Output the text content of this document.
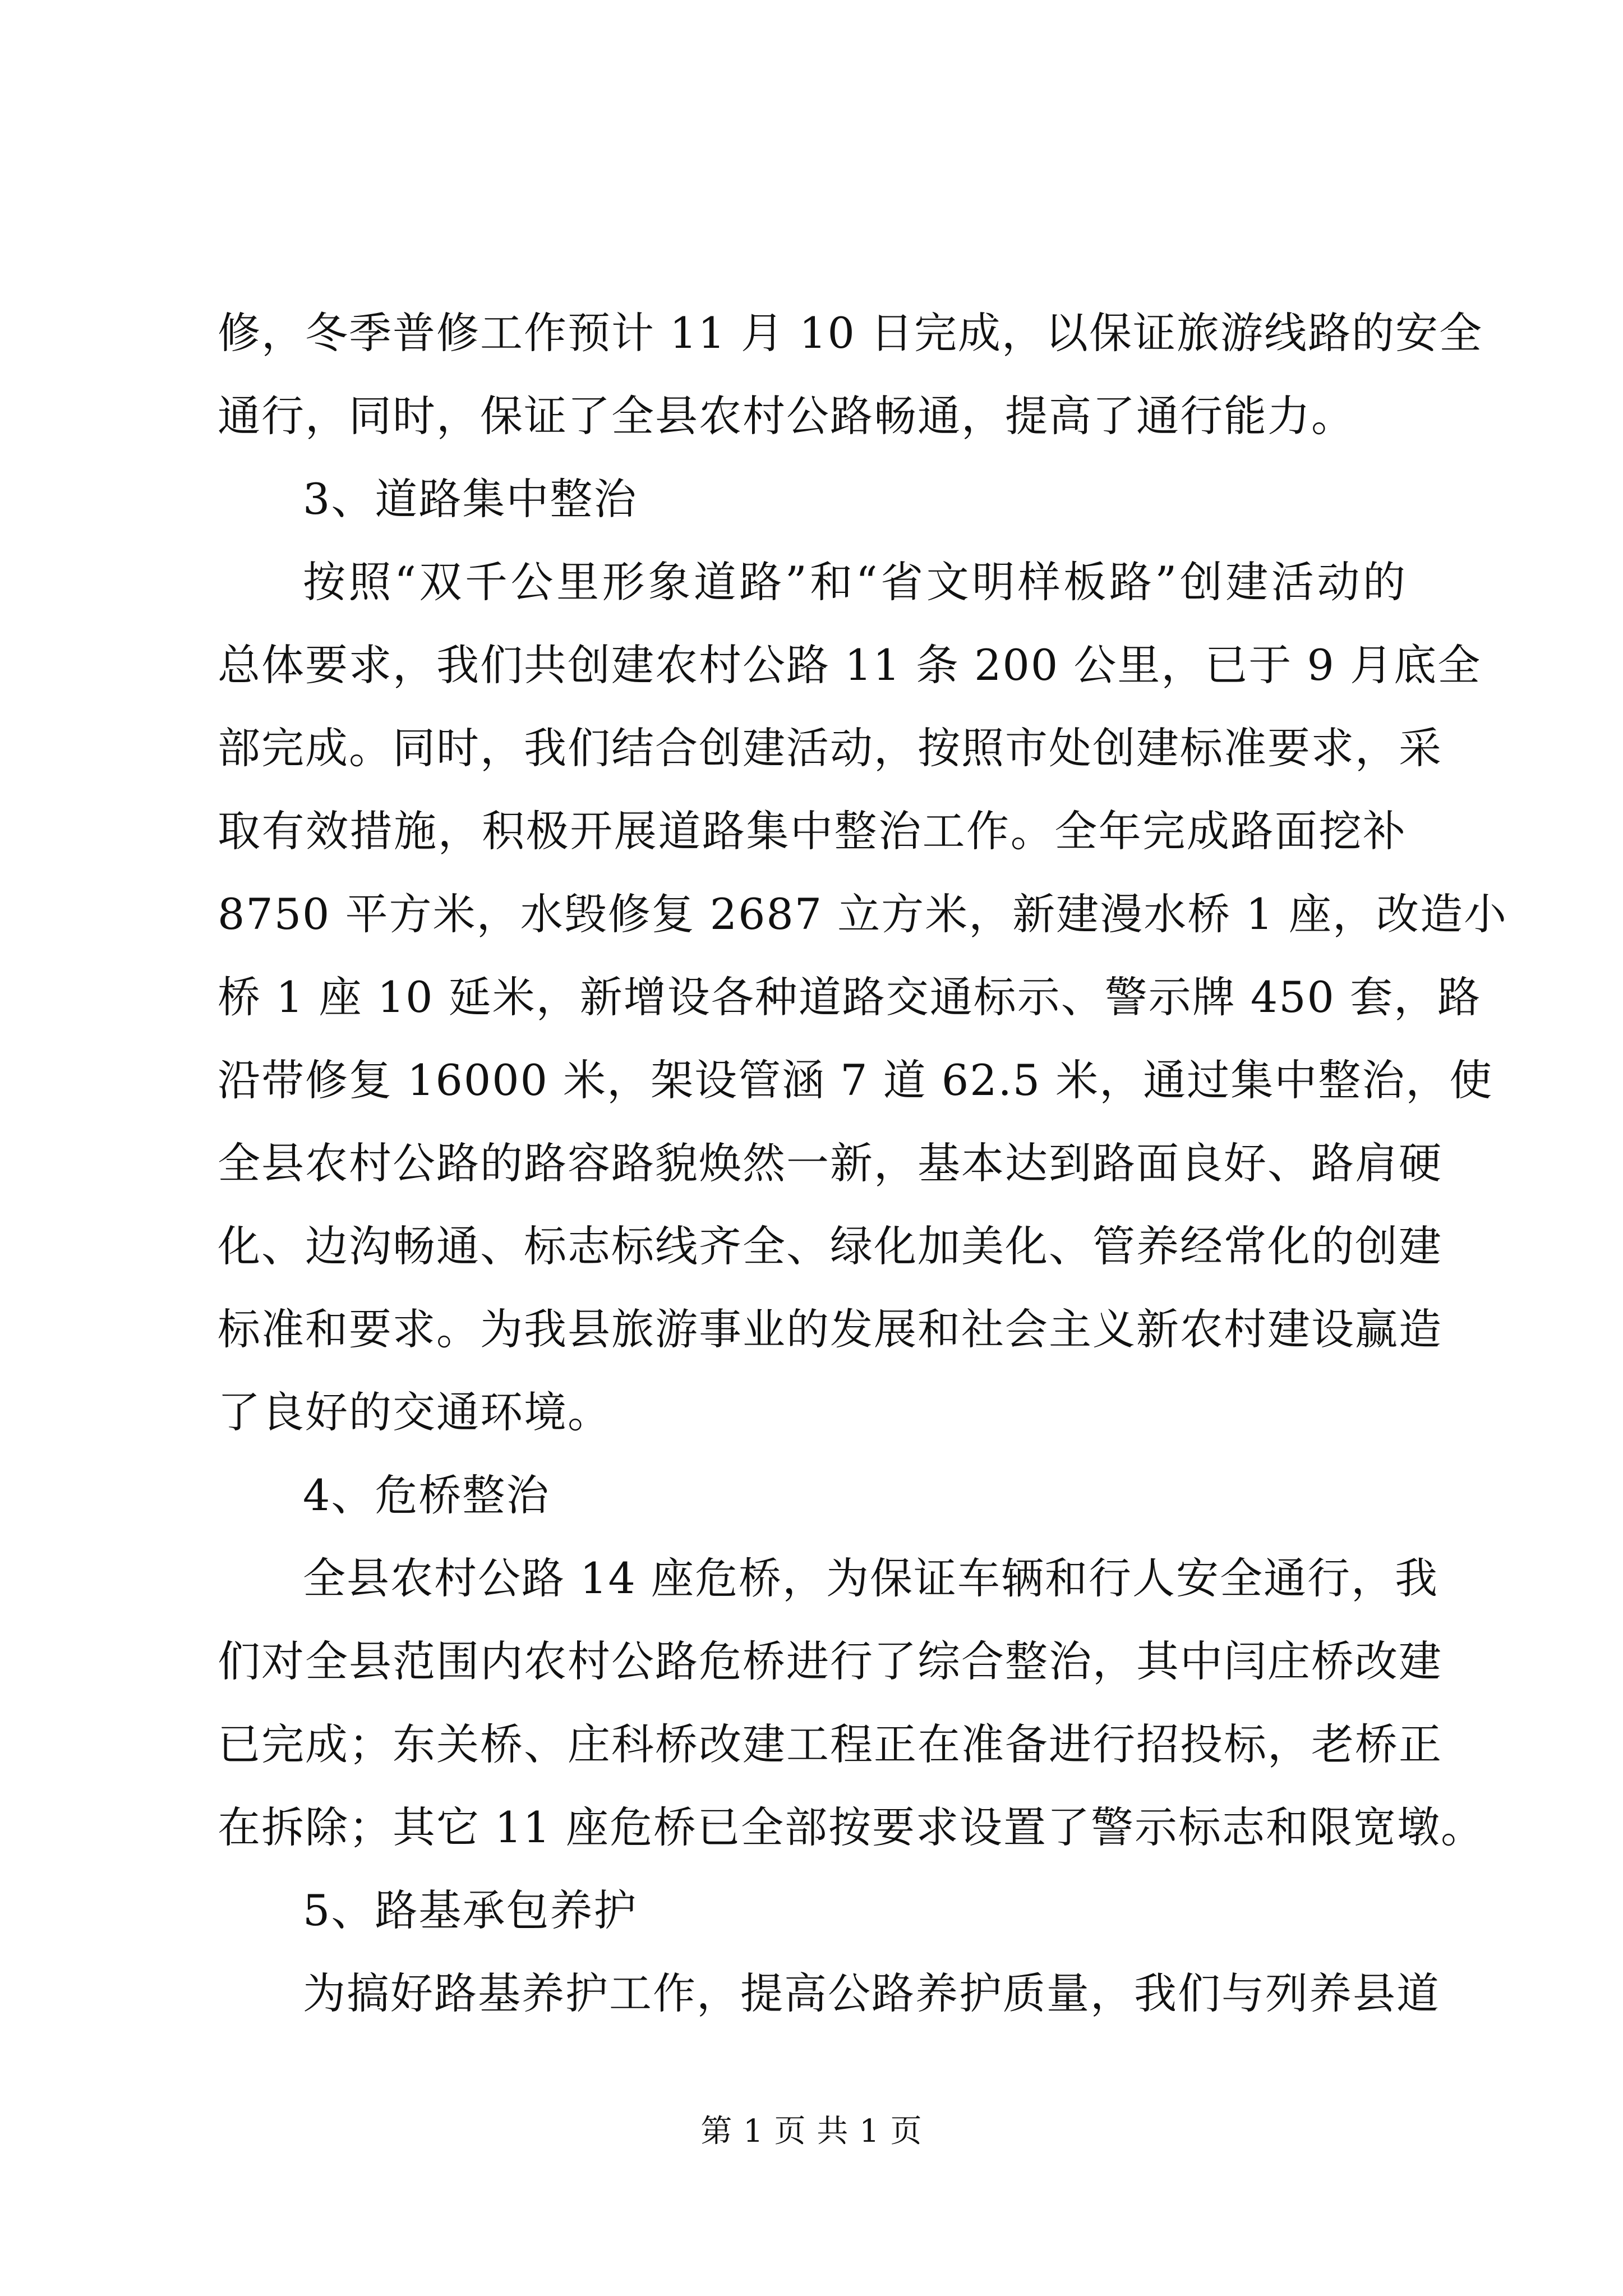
修，冬季普修工作预计 11 月 10 日完成，以保证旅游线路的安全
通行，同时，保证了全县农村公路畅通，提高了通行能力。
3、道路集中整治
按照“双千公里形象道路”和“省文明样板路”创建活动的
总体要求，我们共创建农村公路 11 条 200 公里，已于 9 月底全
部完成。同时，我们结合创建活动，按照市处创建标准要求，采
取有效措施，积极开展道路集中整治工作。全年完成路面挖补
8750 平方米，水毁修复 2687 立方米，新建漫水桥 1 座，改造小
桥 1 座 10 延米，新增设各种道路交通标示、警示牌 450 套，路
沿带修复 16000 米，架设管涵 7 道 62.5 米，通过集中整治，使
全县农村公路的路容路貌焕然一新，基本达到路面良好、路肩硬
化、边沟畅通、标志标线齐全、绿化加美化、管养经常化的创建
标准和要求。为我县旅游事业的发展和社会主义新农村建设赢造
了良好的交通环境。
4、危桥整治
全县农村公路 14 座危桥，为保证车辆和行人安全通行，我
们对全县范围内农村公路危桥进行了综合整治，其中闫庄桥改建
已完成；东关桥、庄科桥改建工程正在准备进行招投标，老桥正
在拆除；其它 11 座危桥已全部按要求设置了警示标志和限宽墩。
5、路基承包养护
为搞好路基养护工作，提高公路养护质量，我们与列养县道
第 1 页 共 1 页
